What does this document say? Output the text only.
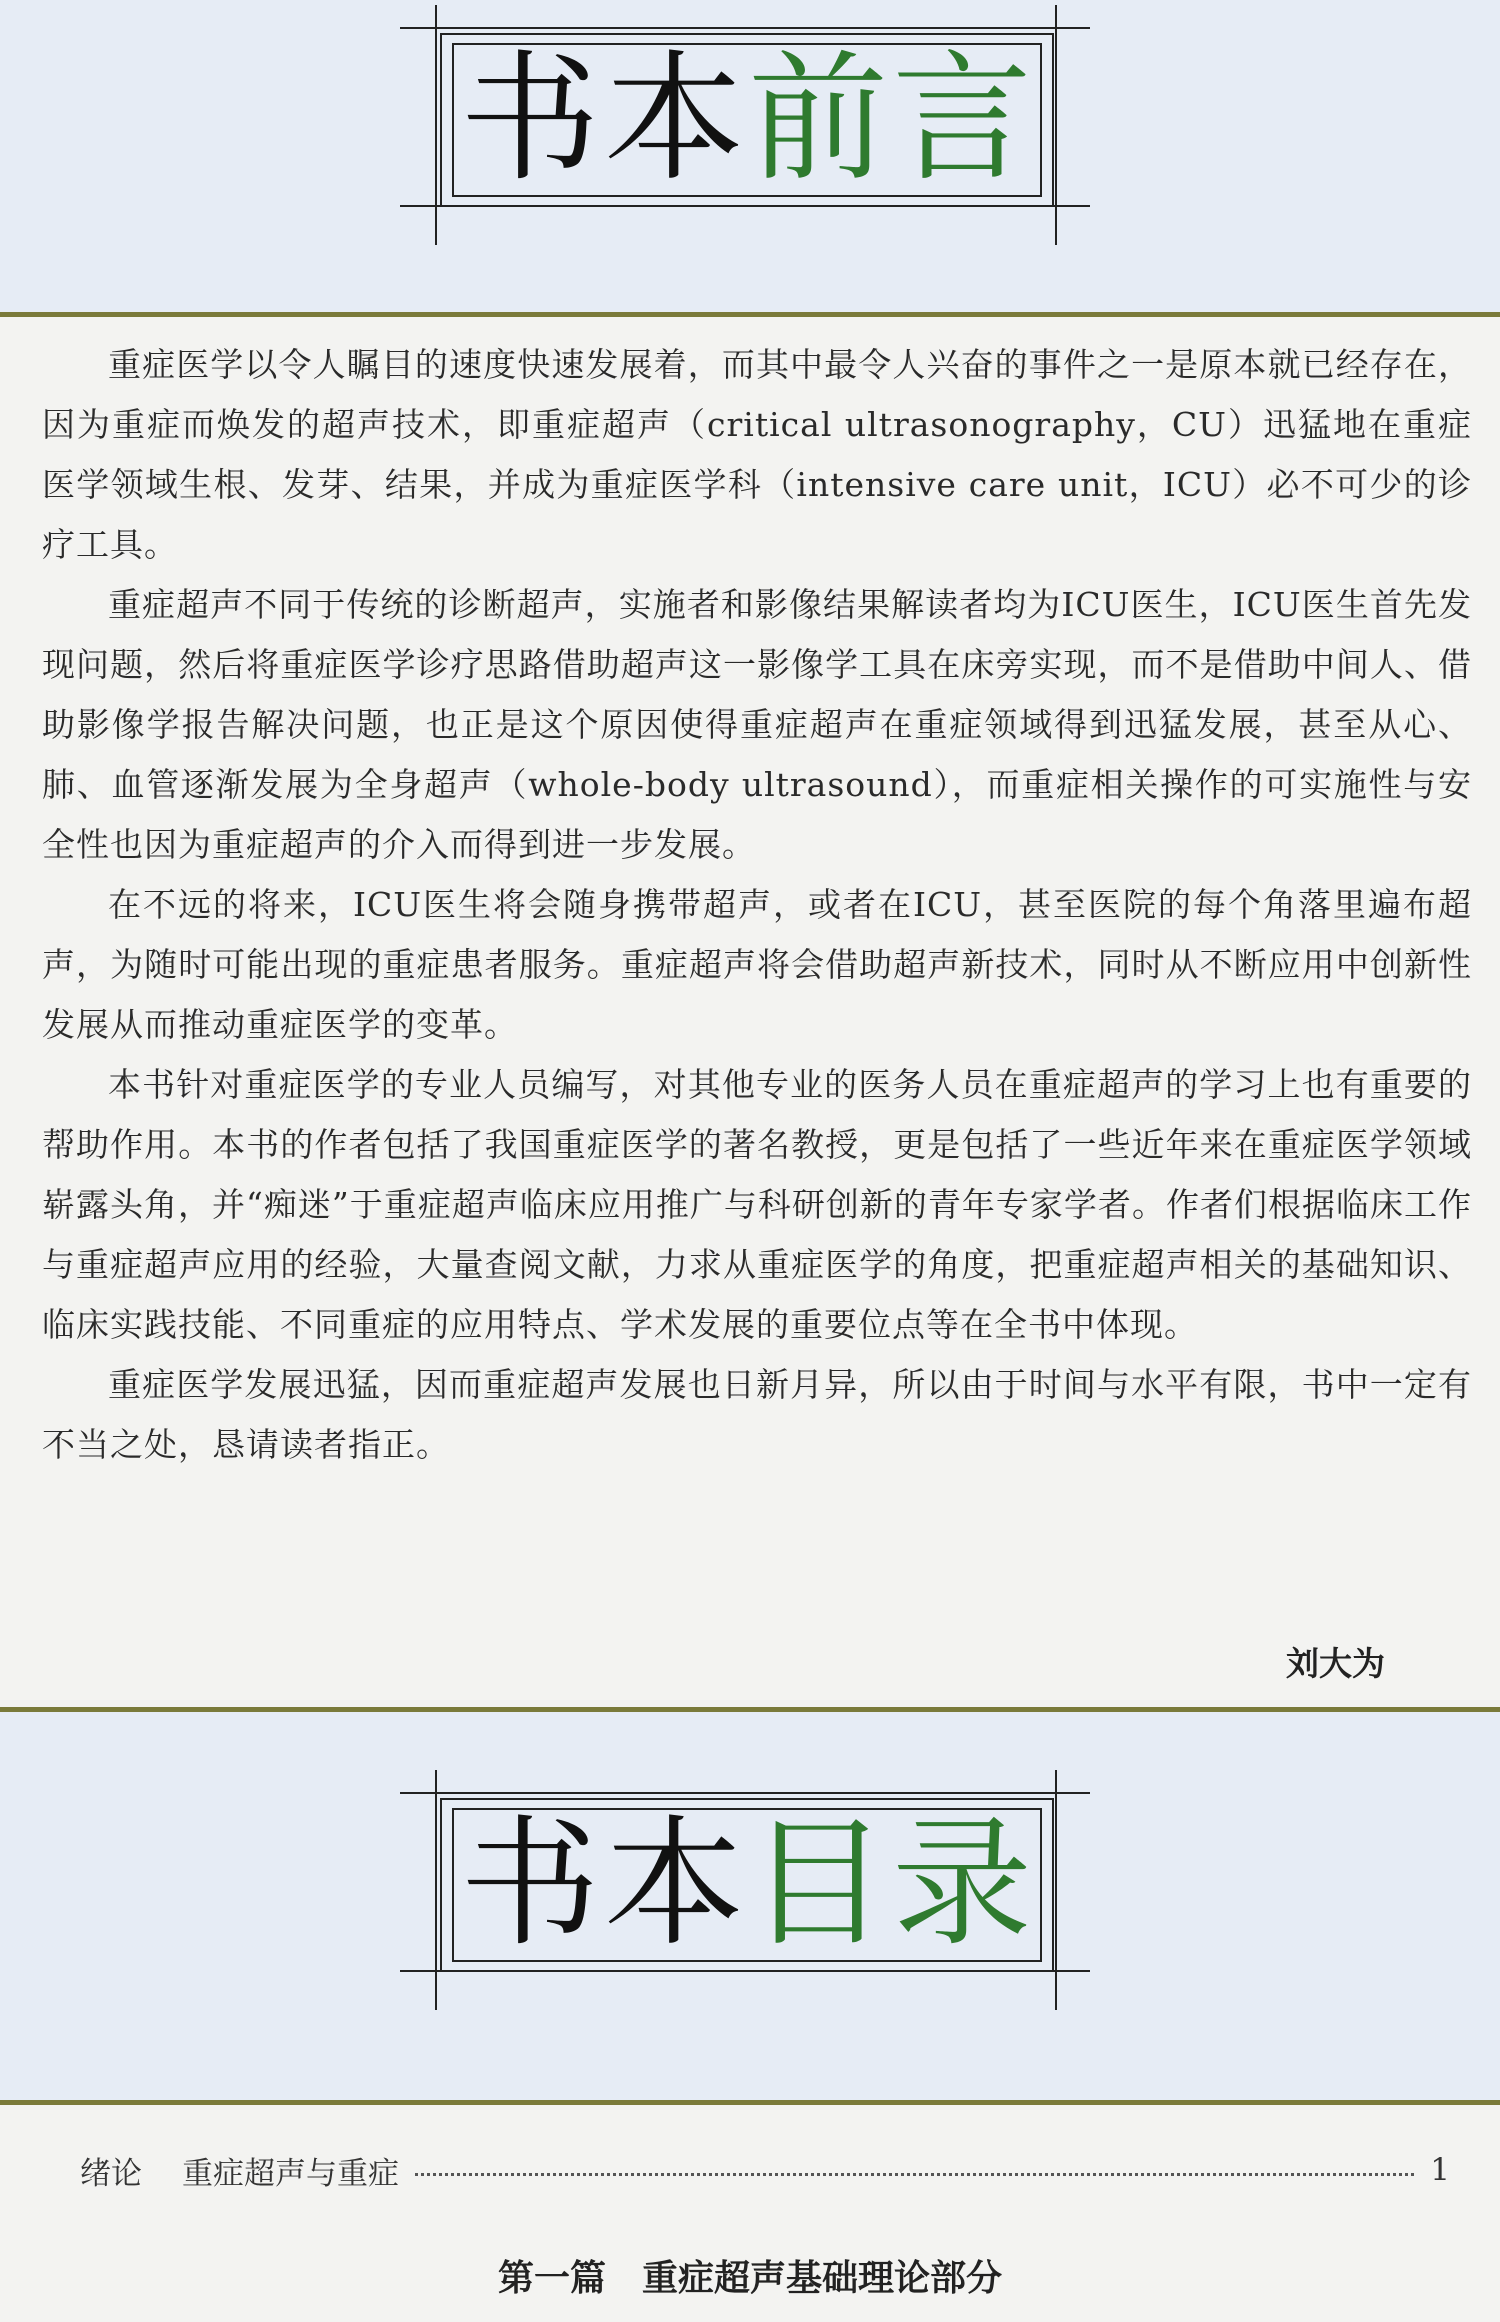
书本前言

重症医学以令人瞩目的速度快速发展着，而其中最令人兴奋的事件之一是原本就已经存在，因为重症而焕发的超声技术，即重症超声（critical ultrasonography，CU）迅猛地在重症医学领域生根、发芽、结果，并成为重症医学科（intensive care unit，ICU）必不可少的诊疗工具。

重症超声不同于传统的诊断超声，实施者和影像结果解读者均为ICU医生，ICU医生首先发现问题，然后将重症医学诊疗思路借助超声这一影像学工具在床旁实现，而不是借助中间人、借助影像学报告解决问题，也正是这个原因使得重症超声在重症领域得到迅猛发展，甚至从心、肺、血管逐渐发展为全身超声（whole-body ultrasound），而重症相关操作的可实施性与安全性也因为重症超声的介入而得到进一步发展。

在不远的将来，ICU医生将会随身携带超声，或者在ICU，甚至医院的每个角落里遍布超声，为随时可能出现的重症患者服务。重症超声将会借助超声新技术，同时从不断应用中创新性发展从而推动重症医学的变革。

本书针对重症医学的专业人员编写，对其他专业的医务人员在重症超声的学习上也有重要的帮助作用。本书的作者包括了我国重症医学的著名教授，更是包括了一些近年来在重症医学领域崭露头角，并“痴迷”于重症超声临床应用推广与科研创新的青年专家学者。作者们根据临床工作与重症超声应用的经验，大量查阅文献，力求从重症医学的角度，把重症超声相关的基础知识、临床实践技能、不同重症的应用特点、学术发展的重要位点等在全书中体现。

重症医学发展迅猛，因而重症超声发展也日新月异，所以由于时间与水平有限，书中一定有不当之处，恳请读者指正。

刘大为
书本目录
绪论 重症超声与重症	1
第一篇　重症超声基础理论部分
